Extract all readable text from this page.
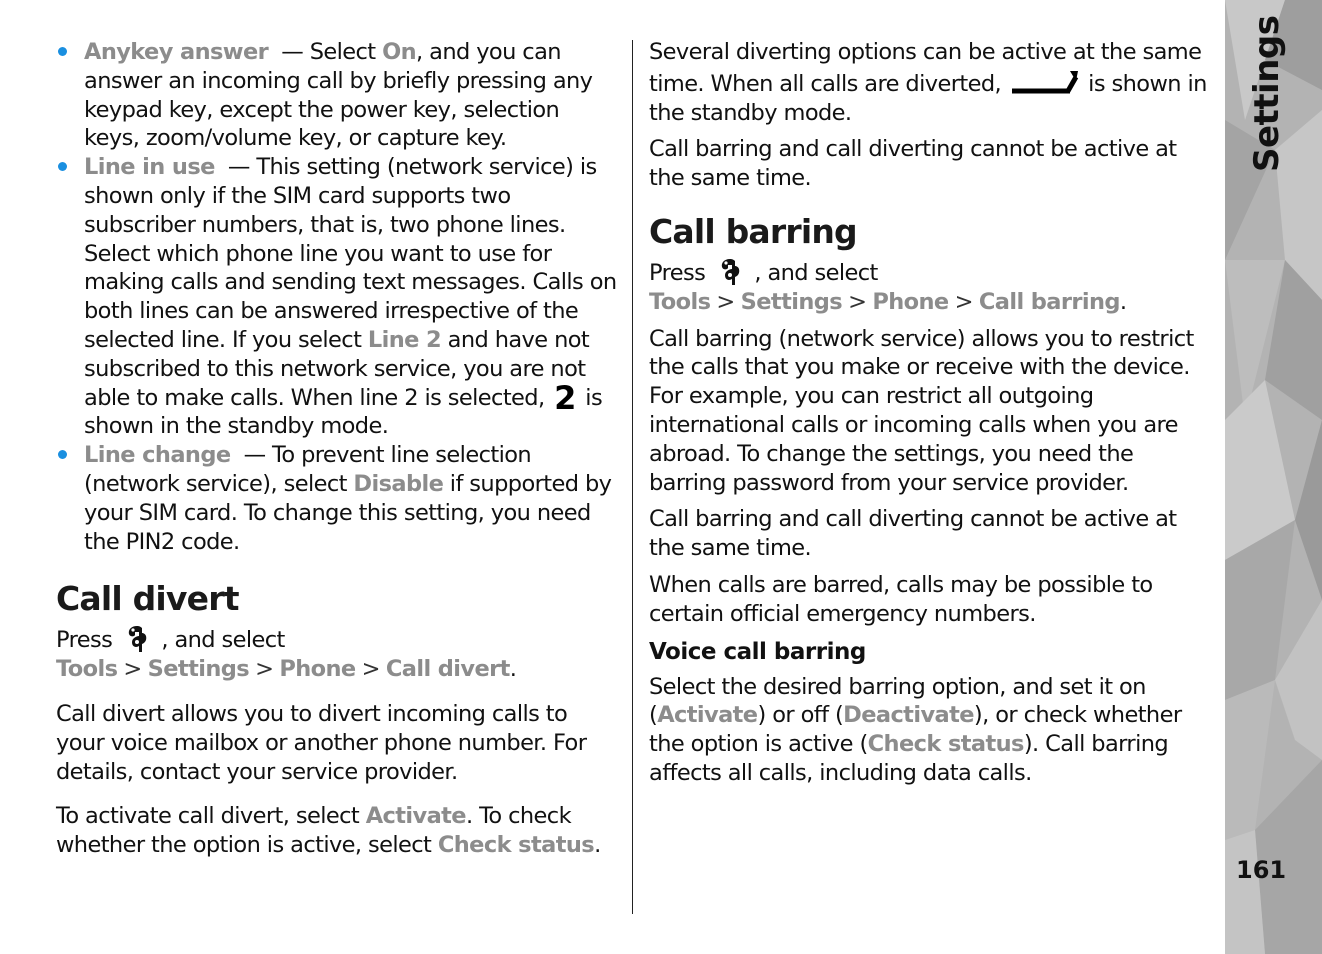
Anykey answer  — Select On, and you can answer an incoming call by briefly pressing any keypad key, except the power key, selection keys, zoom/volume key, or capture key.
Line in use  — This setting (network service) is shown only if the SIM card supports two subscriber numbers, that is, two phone lines. Select which phone line you want to use for making calls and sending text messages. Calls on both lines can be answered irrespective of the selected line. If you select Line 2 and have not subscribed to this network service, you are not able to make calls. When line 2 is selected, 2 is shown in the standby mode.
Line change  — To prevent line selection (network service), select Disable if supported by your SIM card. To change this setting, you need the PIN2 code.
Call divert

Press , and select Tools > Settings > Phone > Call divert.

Call divert allows you to divert incoming calls to your voice mailbox or another phone number. For details, contact your service provider.

To activate call divert, select Activate. To check whether the option is active, select Check status.

Several diverting options can be active at the same time. When all calls are diverted,	is shown in the standby mode.

Call barring and call diverting cannot be active at the same time.

Call barring

Press , and select Tools > Settings > Phone > Call barring.

Call barring (network service) allows you to restrict the calls that you make or receive with the device. For example, you can restrict all outgoing international calls or incoming calls when you are abroad. To change the settings, you need the barring password from your service provider.

Call barring and call diverting cannot be active at the same time.

When calls are barred, calls may be possible to certain official emergency numbers.

Voice call barring

Select the desired barring option, and set it on (Activate) or off (Deactivate), or check whether the option is active (Check status). Call barring affects all calls, including data calls.

Settings
161
